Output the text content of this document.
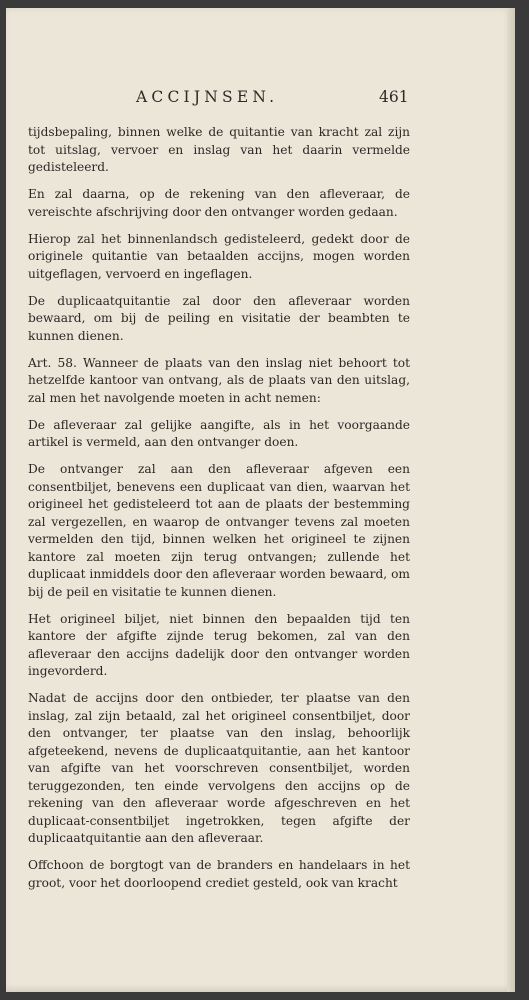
ACCIJNSEN.	461

tijdsbepaling, binnen welke de quitantie van kracht zal zijn tot uitslag, vervoer en inslag van het daarin vermelde gedisteleerd.

En zal daarna, op de rekening van den afleveraar, de vereischte afschrijving door den ontvanger worden gedaan.

Hierop zal het binnenlandsch gedisteleerd, gedekt door de originele quitantie van betaalden accijns, mogen worden uitgeflagen, vervoerd en ingeflagen.

De duplicaatquitantie zal door den afleveraar worden bewaard, om bij de peiling en visitatie der beambten te kunnen dienen.

Art. 58. Wanneer de plaats van den inslag niet behoort tot hetzelfde kantoor van ontvang, als de plaats van den uitslag, zal men het navolgende moeten in acht nemen:

De afleveraar zal gelijke aangifte, als in het voorgaande artikel is vermeld, aan den ontvanger doen.

De ontvanger zal aan den afleveraar afgeven een consentbiljet, benevens een duplicaat van dien, waarvan het origineel het gedisteleerd tot aan de plaats der bestemming zal vergezellen, en waarop de ontvanger tevens zal moeten vermelden den tijd, binnen welken het origineel te zijnen kantore zal moeten zijn terug ontvangen; zullende het duplicaat inmiddels door den afleveraar worden bewaard, om bij de peil en visitatie te kunnen dienen.

Het origineel biljet, niet binnen den bepaalden tijd ten kantore der afgifte zijnde terug bekomen, zal van den afleveraar den accijns dadelijk door den ontvanger worden ingevorderd.

Nadat de accijns door den ontbieder, ter plaatse van den inslag, zal zijn betaald, zal het origineel consentbiljet, door den ontvanger, ter plaatse van den inslag, behoorlijk afgeteekend, nevens de duplicaatquitantie, aan het kantoor van afgifte van het voorschreven consentbiljet, worden teruggezonden, ten einde vervolgens den accijns op de rekening van den afleveraar worde afgeschreven en het duplicaat-consentbiljet ingetrokken, tegen afgifte der duplicaatquitantie aan den afleveraar.

Offchoon de borgtogt van de branders en handelaars in het groot, voor het doorloopend crediet gesteld, ook van kracht
